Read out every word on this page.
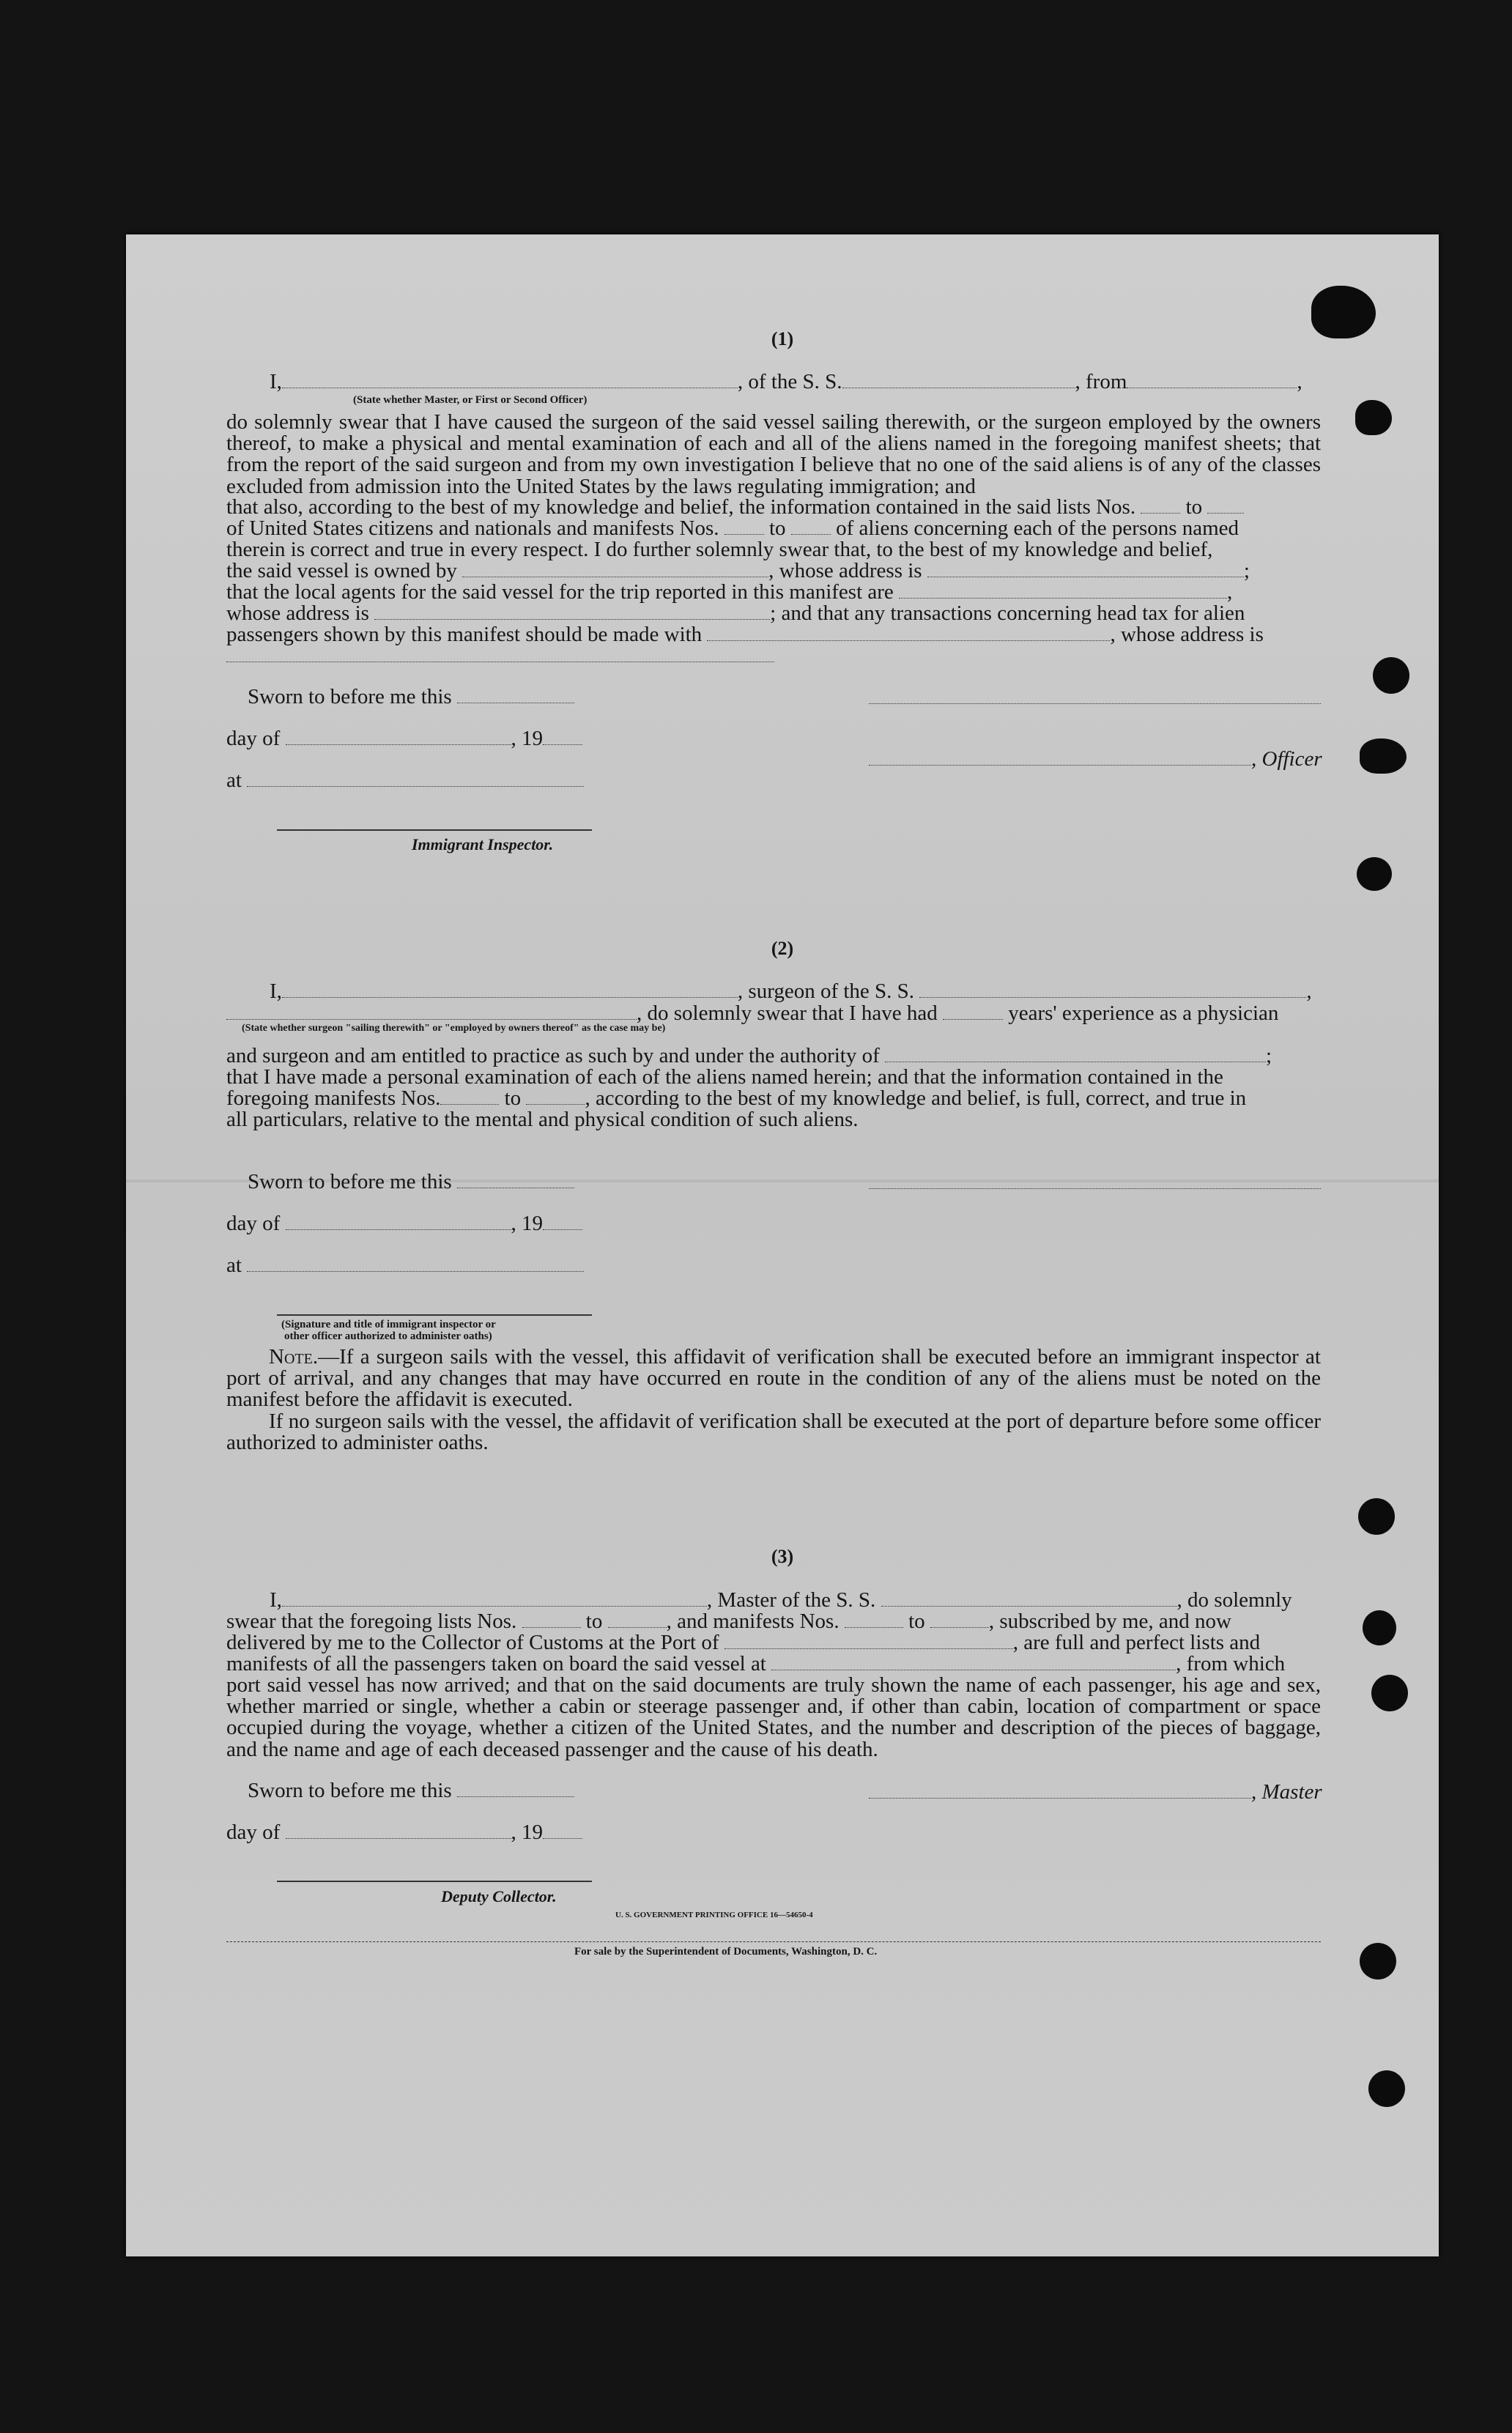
(1)
I,	, of the S. S.	, from	,
(State whether Master, or First or Second Officer)
do solemnly swear that I have caused the surgeon of the said vessel sailing therewith, or the surgeon employed by the owners thereof, to make a physical and mental examination of each and all of the aliens named in the foregoing manifest sheets; that from the report of the said surgeon and from my own investigation I believe that no one of the said aliens is of any of the classes excluded from admission into the United States by the laws regulating immigration; and
that also, according to the best of my knowledge and belief, the information contained in the said lists Nos. to
of United States citizens and nationals and manifests Nos. to of aliens concerning each of the persons named
therein is correct and true in every respect. I do further solemnly swear that, to the best of my knowledge and belief,
the said vessel is owned by	, whose address is	;
that the local agents for the said vessel for the trip reported in this manifest are	,
whose address is	; and that any transactions concerning head tax for alien
passengers shown by this manifest should be made with	, whose address is
Sworn to before me this
day of	, 19
, Officer
at
Immigrant Inspector.
(2)
I,	, surgeon of the S. S.	,
, do solemnly swear that I have had	years' experience as a physician
(State whether surgeon "sailing therewith" or "employed by owners thereof" as the case may be)
and surgeon and am entitled to practice as such by and under the authority of	;
that I have made a personal examination of each of the aliens named herein; and that the information contained in the
foregoing manifests Nos.	to	, according to the best of my knowledge and belief, is full, correct, and true in
all particulars, relative to the mental and physical condition of such aliens.
Sworn to before me this
day of	, 19
at
(Signature and title of immigrant inspector or
other officer authorized to administer oaths)
Note.—If a surgeon sails with the vessel, this affidavit of verification shall be executed before an immigrant inspector at port of arrival, and any changes that may have occurred en route in the condition of any of the aliens must be noted on the manifest before the affidavit is executed.
If no surgeon sails with the vessel, the affidavit of verification shall be executed at the port of departure before some officer authorized to administer oaths.
(3)
I,	, Master of the S. S.	, do solemnly
swear that the foregoing lists Nos.	to	, and manifests Nos.	to	, subscribed by me, and now
delivered by me to the Collector of Customs at the Port of	, are full and perfect lists and
manifests of all the passengers taken on board the said vessel at	, from which
port said vessel has now arrived; and that on the said documents are truly shown the name of each passenger, his age and sex, whether married or single, whether a cabin or steerage passenger and, if other than cabin, location of compartment or space occupied during the voyage, whether a citizen of the United States, and the number and description of the pieces of baggage, and the name and age of each deceased passenger and the cause of his death.
Sworn to before me this	, Master
day of	, 19
Deputy Collector.
U. S. GOVERNMENT PRINTING OFFICE 16—54650-4
For sale by the Superintendent of Documents, Washington, D. C.
